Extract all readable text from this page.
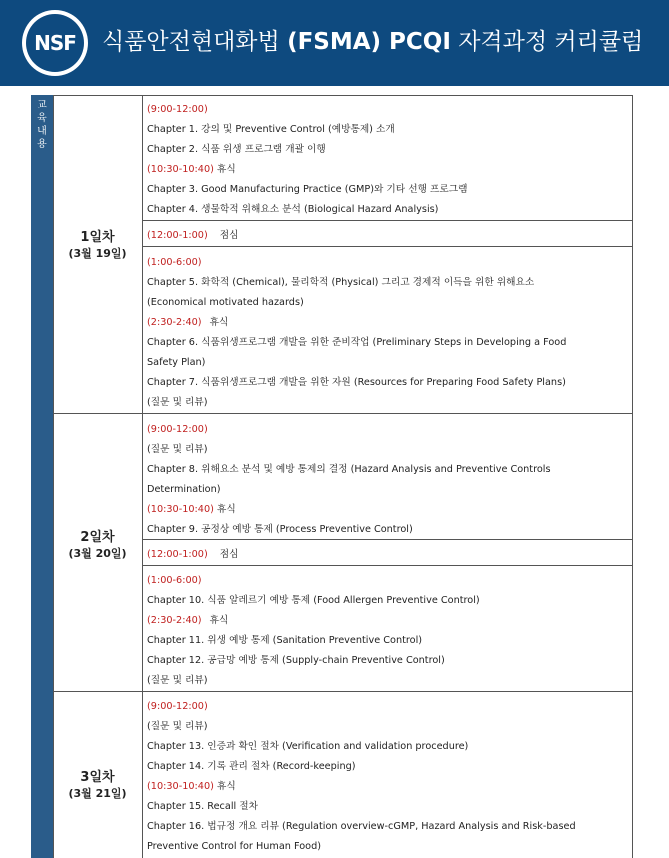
NSF 식품안전현대화법 (FSMA) PCQI 자격과정 커리큘럼
교육내용
1일차
(3월 19일)
(9:00-12:00)
Chapter 1. 강의 및 Preventive Control (예방통제) 소개
Chapter 2. 식품 위생 프로그램 개괄 이행
(10:30-10:40) 휴식
Chapter 3. Good Manufacturing Practice (GMP)와 기타 선행 프로그램
Chapter 4. 생물학적 위해요소 분석 (Biological Hazard Analysis)
(12:00-1:00) 점심
(1:00-6:00)
Chapter 5. 화학적 (Chemical), 물리학적 (Physical) 그리고 경제적 이득을 위한 위해요소
(Economical motivated hazards)
(2:30-2:40) 휴식
Chapter 6. 식품위생프로그램 개발을 위한 준비작업 (Preliminary Steps in Developing a Food
Safety Plan)
Chapter 7. 식품위생프로그램 개발을 위한 자원 (Resources for Preparing Food Safety Plans)
(질문 및 리뷰)
2일차
(3월 20일)
(9:00-12:00)
(질문 및 리뷰)
Chapter 8. 위해요소 분석 및 예방 통제의 결정 (Hazard Analysis and Preventive Controls
Determination)
(10:30-10:40) 휴식
Chapter 9. 공정상 예방 통제 (Process Preventive Control)
(12:00-1:00) 점심
(1:00-6:00)
Chapter 10. 식품 알레르기 예방 통제 (Food Allergen Preventive Control)
(2:30-2:40) 휴식
Chapter 11. 위생 예방 통제 (Sanitation Preventive Control)
Chapter 12. 공급망 예방 통제 (Supply-chain Preventive Control)
(질문 및 리뷰)
3일차
(3월 21일)
(9:00-12:00)
(질문 및 리뷰)
Chapter 13. 인증과 확인 절차 (Verification and validation procedure)
Chapter 14. 기록 관리 절차 (Record-keeping)
(10:30-10:40) 휴식
Chapter 15. Recall 절차
Chapter 16. 법규정 개요 리뷰 (Regulation overview-cGMP, Hazard Analysis and Risk-based
Preventive Control for Human Food)
